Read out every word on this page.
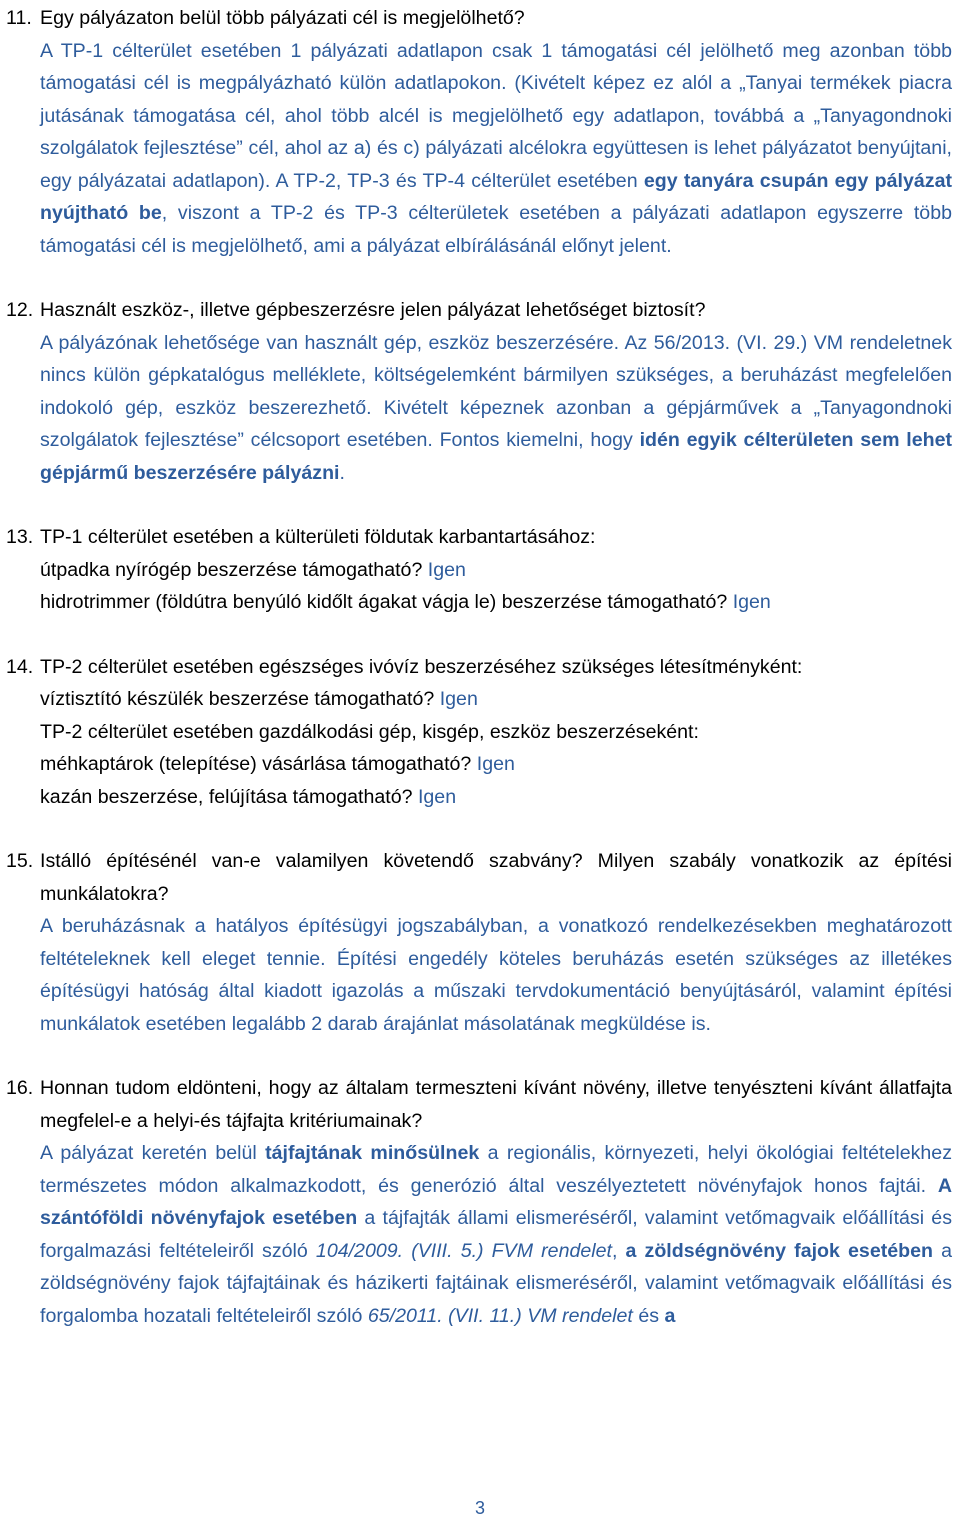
11. Egy pályázaton belül több pályázati cél is megjelölhető?
A TP-1 célterület esetében 1 pályázati adatlapon csak 1 támogatási cél jelölhető meg azonban több támogatási cél is megpályázható külön adatlapokon. (Kivételt képez ez alól a „Tanyai termékek piacra jutásának támogatása cél, ahol több alcél is megjelölhető egy adatlapon, továbbá a „Tanyagondnoki szolgálatok fejlesztése” cél, ahol az a) és c) pályázati alcélokra együttesen is lehet pályázatot benyújtani, egy pályázatai adatlapon). A TP-2, TP-3 és TP-4 célterület esetében egy tanyára csupán egy pályázat nyújtható be, viszont a TP-2 és TP-3 célterületek esetében a pályázati adatlapon egyszerre több támogatási cél is megjelölhető, ami a pályázat elbírálásánál előnyt jelent.
12. Használt eszköz-, illetve gépbeszerzésre jelen pályázat lehetőséget biztosít?
A pályázónak lehetősége van használt gép, eszköz beszerzésére. Az 56/2013. (VI. 29.) VM rendeletnek nincs külön gépkatalógus melléklete, költségelemként bármilyen szükséges, a beruházást megfelelően indokoló gép, eszköz beszerezhető. Kivételt képeznek azonban a gépjárművek a „Tanyagondnoki szolgálatok fejlesztése” célcsoport esetében. Fontos kiemelni, hogy idén egyik célterületen sem lehet gépjármű beszerzésére pályázni.
13. TP-1 célterület esetében a külterületi földutak karbantartásához:
útpadka nyírógép beszerzése támogatható? Igen
hidrotrimmer (földútra benyúló kidőlt ágakat vágja le) beszerzése támogatható? Igen
14. TP-2 célterület esetében egészséges ivóvíz beszerzéséhez szükséges létesítményként:
víztisztító készülék beszerzése támogatható? Igen
TP-2 célterület esetében gazdálkodási gép, kisgép, eszköz beszerzéseként:
méhkaptárok (telepítése) vásárlása támogatható? Igen
kazán beszerzése, felújítása támogatható? Igen
15. Istálló építésénél van-e valamilyen követendő szabvány? Milyen szabály vonatkozik az építési munkálatokra?
A beruházásnak a hatályos építésügyi jogszabályban, a vonatkozó rendelkezésekben meghatározott feltételeknek kell eleget tennie. Építési engedély köteles beruházás esetén szükséges az illetékes építésügyi hatóság által kiadott igazolás a műszaki tervdokumentáció benyújtásáról, valamint építési munkálatok esetében legalább 2 darab árajánlat másolatának megküldése is.
16. Honnan tudom eldönteni, hogy az általam termeszteni kívánt növény, illetve tenyészteni kívánt állatfajta megfelel-e a helyi-és tájfajta kritériumainak?
A pályázat keretén belül tájfajtának minősülnek a regionális, környezeti, helyi ökológiai feltételekhez természetes módon alkalmazkodott, és generózió által veszélyeztetett növényfajok honos fajtái. A szántóföldi növényfajok esetében a tájfajták állami elismeréséről, valamint vetőmagvaik előállítási és forgalmazási feltételeiről szóló 104/2009. (VIII. 5.) FVM rendelet, a zöldségnövény fajok esetében a zöldségnövény fajok tájfajtáinak és házikerti fajtáinak elismeréséről, valamint vetőmagvaik előállítási és forgalomba hozatali feltételeiről szóló 65/2011. (VII. 11.) VM rendelet és a
3
